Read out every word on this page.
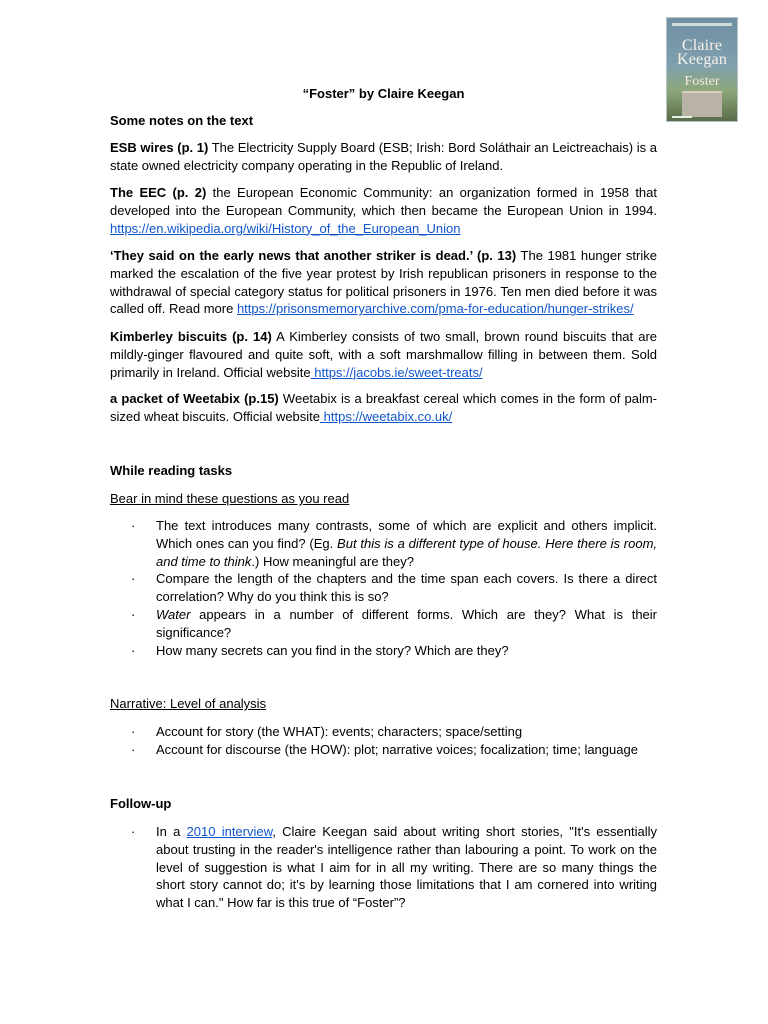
Claire Keegan
Foster
“Foster” by Claire Keegan

Some notes on the text

ESB wires (p. 1) The Electricity Supply Board (ESB; Irish: Bord Soláthair an Leictreachais) is a state owned electricity company operating in the Republic of Ireland.

The EEC (p. 2) the European Economic Community: an organization formed in 1958 that developed into the European Community, which then became the European Union in 1994. https://en.wikipedia.org/wiki/History_of_the_European_Union

‘They said on the early news that another striker is dead.’ (p. 13) The 1981 hunger strike marked the escalation of the five year protest by Irish republican prisoners in response to the withdrawal of special category status for political prisoners in 1976. Ten men died before it was called off. Read more https://prisonsmemoryarchive.com/pma-for-education/hunger-strikes/

Kimberley biscuits (p. 14) A Kimberley consists of two small, brown round biscuits that are mildly-ginger flavoured and quite soft, with a soft marshmallow filling in between them. Sold primarily in Ireland. Official website https://jacobs.ie/sweet-treats/

a packet of Weetabix (p.15) Weetabix is a breakfast cereal which comes in the form of palm-sized wheat biscuits. Official website https://weetabix.co.uk/

While reading tasks

Bear in mind these questions as you read

· The text introduces many contrasts, some of which are explicit and others implicit. Which ones can you find? (Eg. But this is a different type of house. Here there is room, and time to think.) How meaningful are they?
· Compare the length of the chapters and the time span each covers. Is there a direct correlation? Why do you think this is so?
· Water appears in a number of different forms. Which are they? What is their significance?
· How many secrets can you find in the story? Which are they?

Narrative: Level of analysis

· Account for story (the WHAT): events; characters; space/setting
· Account for discourse (the HOW): plot; narrative voices; focalization; time; language

Follow-up

· In a 2010 interview, Claire Keegan said about writing short stories, "It's essentially about trusting in the reader's intelligence rather than labouring a point. To work on the level of suggestion is what I aim for in all my writing. There are so many things the short story cannot do; it's by learning those limitations that I am cornered into writing what I can." How far is this true of “Foster”?
